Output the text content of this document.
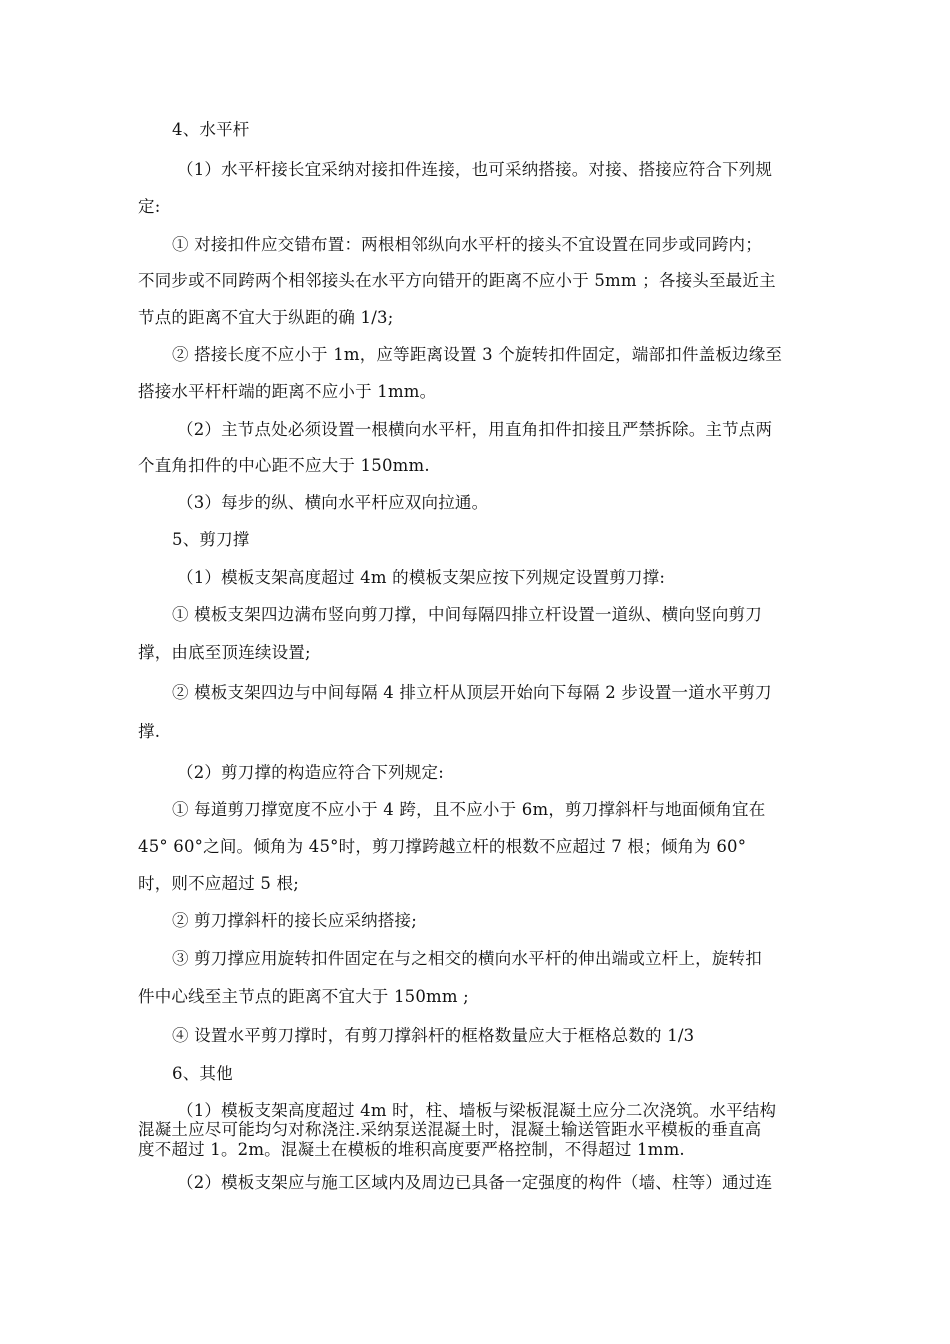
4、水平杆
（1）水平杆接长宜采纳对接扣件连接，也可采纳搭接。对接、搭接应符合下列规
定:
① 对接扣件应交错布置：两根相邻纵向水平杆的接头不宜设置在同步或同跨内；
不同步或不同跨两个相邻接头在水平方向错开的距离不应小于 5mm ；各接头至最近主
节点的距离不宜大于纵距的确 1/3;
② 搭接长度不应小于 1m，应等距离设置 3 个旋转扣件固定，端部扣件盖板边缘至
搭接水平杆杆端的距离不应小于 1mm。
（2）主节点处必须设置一根横向水平杆，用直角扣件扣接且严禁拆除。主节点两
个直角扣件的中心距不应大于 150mm.
（3）每步的纵、横向水平杆应双向拉通。
5、剪刀撑
（1）模板支架高度超过 4m 的模板支架应按下列规定设置剪刀撑:
① 模板支架四边满布竖向剪刀撑，中间每隔四排立杆设置一道纵、横向竖向剪刀
撑，由底至顶连续设置;
② 模板支架四边与中间每隔 4 排立杆从顶层开始向下每隔 2 步设置一道水平剪刀
撑.
（2）剪刀撑的构造应符合下列规定:
① 每道剪刀撑宽度不应小于 4 跨，且不应小于 6m，剪刀撑斜杆与地面倾角宜在
45° 60°之间。倾角为 45°时，剪刀撑跨越立杆的根数不应超过 7 根；倾角为 60°
时，则不应超过 5 根;
② 剪刀撑斜杆的接长应采纳搭接;
③ 剪刀撑应用旋转扣件固定在与之相交的横向水平杆的伸出端或立杆上，旋转扣
件中心线至主节点的距离不宜大于 150mm ;
④ 设置水平剪刀撑时，有剪刀撑斜杆的框格数量应大于框格总数的 1/3
6、其他
（1）模板支架高度超过 4m 时，柱、墙板与梁板混凝土应分二次浇筑。水平结构
混凝土应尽可能均匀对称浇注.采纳泵送混凝土时，混凝土输送管距水平模板的垂直高
度不超过 1。2m。混凝土在模板的堆积高度要严格控制，不得超过 1mm.
（2）模板支架应与施工区域内及周边已具备一定强度的构件（墙、柱等）通过连
